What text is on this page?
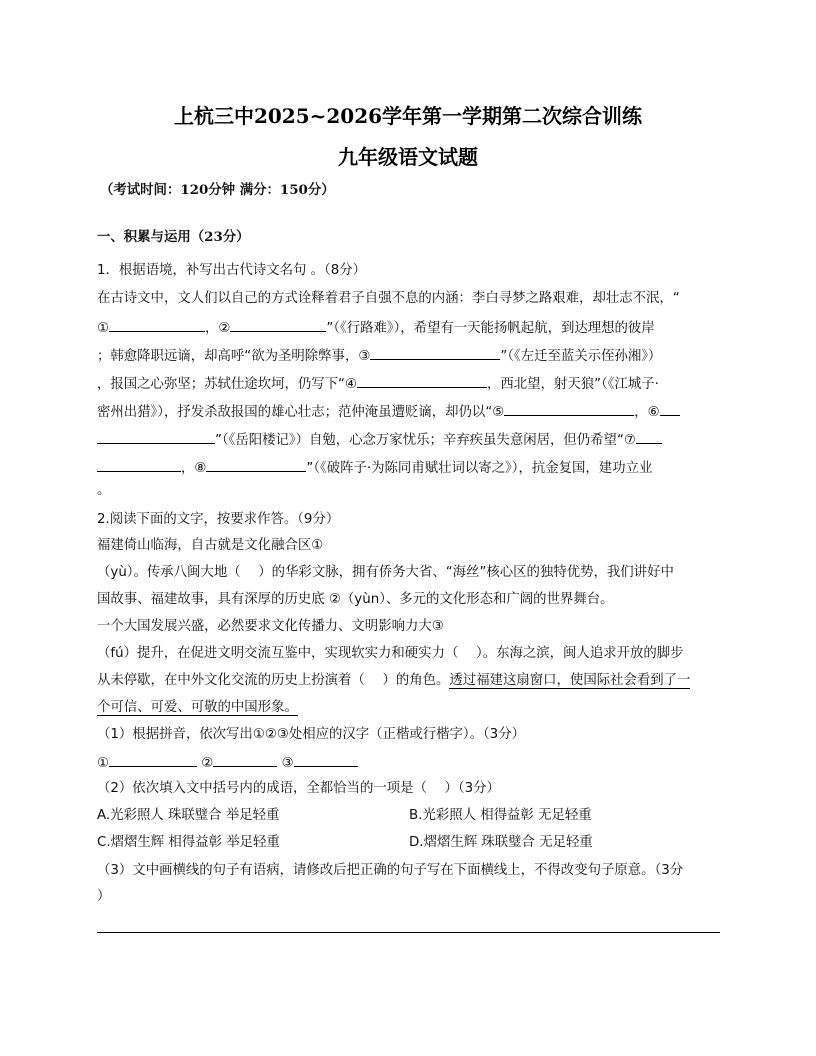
上杭三中2025~2026学年第一学期第二次综合训练
九年级语文试题
（考试时间：120分钟 满分：150分）
一、积累与运用（23分）
1．根据语境，补写出古代诗文名句 。（8分）
在古诗文中，文人们以自己的方式诠释着君子自强不息的内涵：李白寻梦之路艰难，却壮志不泯，“
①	，②	”（《行路难》），希望有一天能扬帆起航，到达理想的彼岸
；韩愈降职远谪，却高呼“欲为圣明除弊事，③	”（《左迁至蓝关示侄孙湘》）
，报国之心弥坚；苏轼仕途坎坷，仍写下“④	，西北望，射天狼”（《江城子·
密州出猎》），抒发杀敌报国的雄心壮志；范仲淹虽遭贬谪，却仍以“⑤	，⑥
”（《岳阳楼记》）自勉，心念万家忧乐；辛弃疾虽失意闲居，但仍希望“⑦
，⑧	”（《破阵子·为陈同甫赋壮词以寄之》），抗金复国，建功立业
。
2.阅读下面的文字，按要求作答。（9分）
福建倚山临海，自古就是文化融合区①
（yù）。传承八闽大地（　 ）的华彩文脉，拥有侨务大省、“海丝”核心区的独特优势，我们讲好中
国故事、福建故事，具有深厚的历史底 ②（yùn）、多元的文化形态和广阔的世界舞台。
一个大国发展兴盛，必然要求文化传播力、文明影响力大③
（fú）提升，在促进文明交流互鉴中，实现软实力和硬实力（　 ）。东海之滨，闽人追求开放的脚步
从未停歇，在中外文化交流的历史上扮演着（　 ）的角色。透过福建这扇窗口，使国际社会看到了一
个可信、可爱、可敬的中国形象。
（1）根据拼音，依次写出①②③处相应的汉字（正楷或行楷字）。（3分）
①	②	③
（2）依次填入文中括号内的成语，全都恰当的一项是（　 ）（3分）
A.光彩照人 珠联璧合 举足轻重	B.光彩照人 相得益彰 无足轻重
C.熠熠生辉 相得益彰 举足轻重	D.熠熠生辉 珠联璧合 无足轻重
（3）文中画横线的句子有语病，请修改后把正确的句子写在下面横线上，不得改变句子原意。（3分
）
